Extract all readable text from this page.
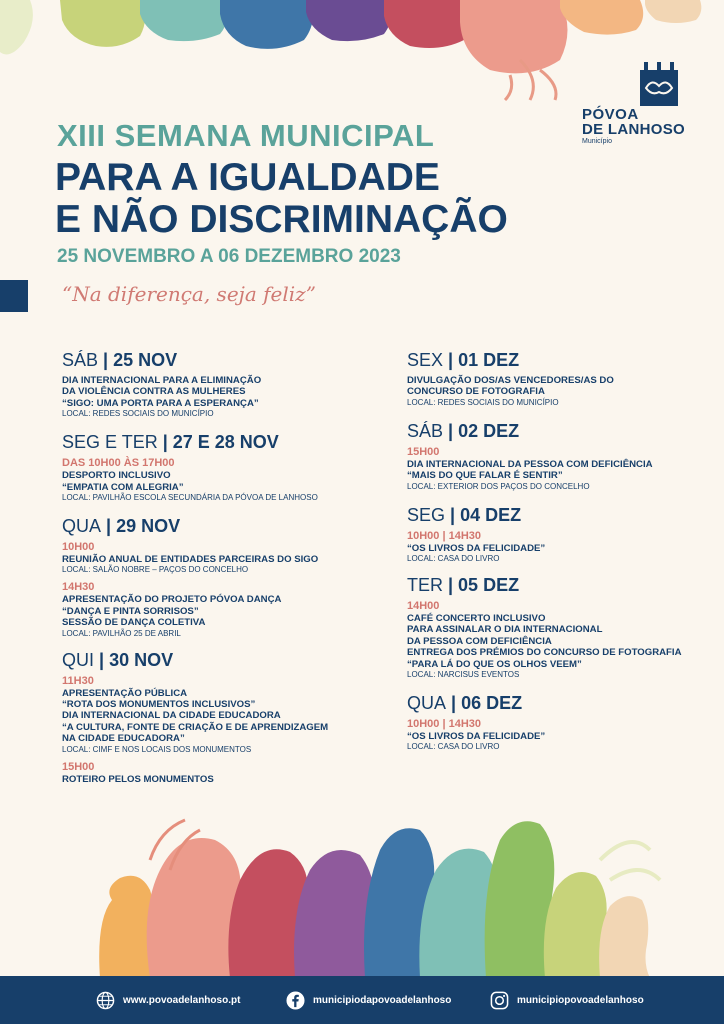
PÓVOA
DE LANHOSO
Município
XIII SEMANA MUNICIPAL
PARA A IGUALDADE
E NÃO DISCRIMINAÇÃO
25 NOVEMBRO A 06 DEZEMBRO 2023
“Na diferença, seja feliz”
SÁB | 25 NOV
DIA INTERNACIONAL PARA A ELIMINAÇÃO
DA VIOLÊNCIA CONTRA AS MULHERES
“SIGO: UMA PORTA PARA A ESPERANÇA”
LOCAL: REDES SOCIAIS DO MUNICÍPIO
SEG E TER | 27 E 28 NOV
DAS 10H00 ÀS 17H00
DESPORTO INCLUSIVO
“EMPATIA COM ALEGRIA”
LOCAL: PAVILHÃO ESCOLA SECUNDÁRIA DA PÓVOA DE LANHOSO
QUA | 29 NOV
10H00
REUNIÃO ANUAL DE ENTIDADES PARCEIRAS DO SIGO
LOCAL: SALÃO NOBRE – PAÇOS DO CONCELHO
14H30
APRESENTAÇÃO DO PROJETO PÓVOA DANÇA
“DANÇA E PINTA SORRISOS”
SESSÃO DE DANÇA COLETIVA
LOCAL: PAVILHÃO 25 DE ABRIL
QUI | 30 NOV
11H30
APRESENTAÇÃO PÚBLICA
“ROTA DOS MONUMENTOS INCLUSIVOS”
DIA INTERNACIONAL DA CIDADE EDUCADORA
“A CULTURA, FONTE DE CRIAÇÃO E DE APRENDIZAGEM
NA CIDADE EDUCADORA”
LOCAL: CIMF E NOS LOCAIS DOS MONUMENTOS
15H00
ROTEIRO PELOS MONUMENTOS
SEX | 01 DEZ
DIVULGAÇÃO DOS/AS VENCEDORES/AS DO
CONCURSO DE FOTOGRAFIA
LOCAL: REDES SOCIAIS DO MUNICÍPIO
SÁB | 02 DEZ
15H00
DIA INTERNACIONAL DA PESSOA COM DEFICIÊNCIA
“MAIS DO QUE FALAR É SENTIR”
LOCAL: EXTERIOR DOS PAÇOS DO CONCELHO
SEG | 04 DEZ
10H00 | 14H30
“OS LIVROS DA FELICIDADE”
LOCAL: CASA DO LIVRO
TER | 05 DEZ
14H00
CAFÉ CONCERTO INCLUSIVO
PARA ASSINALAR O DIA INTERNACIONAL
DA PESSOA COM DEFICIÊNCIA
ENTREGA DOS PRÉMIOS DO CONCURSO DE FOTOGRAFIA
“PARA LÁ DO QUE OS OLHOS VEEM”
LOCAL: NARCISUS EVENTOS
QUA | 06 DEZ
10H00 | 14H30
“OS LIVROS DA FELICIDADE”
LOCAL: CASA DO LIVRO
www.povoadelanhoso.pt	municipiodapovoadelanhoso	municipiopovoadelanhoso
